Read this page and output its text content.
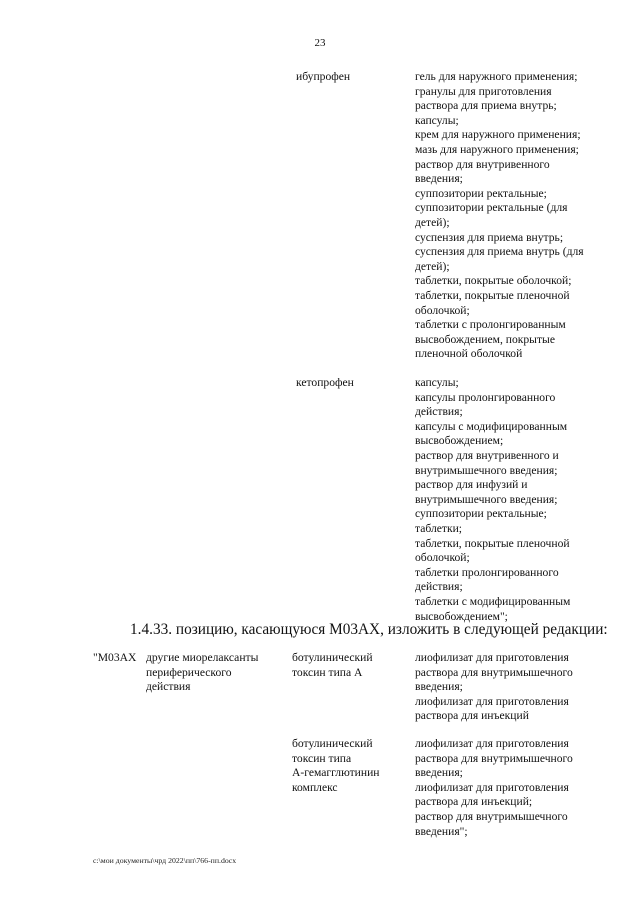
23
ибупрофен	гель для наружного применения;
гранулы для приготовления
раствора для приема внутрь;
капсулы;
крем для наружного применения;
мазь для наружного применения;
раствор для внутривенного
введения;
суппозитории ректальные;
суппозитории ректальные (для
детей);
суспензия для приема внутрь;
суспензия для приема внутрь (для
детей);
таблетки, покрытые оболочкой;
таблетки, покрытые пленочной
оболочкой;
таблетки с пролонгированным
высвобождением, покрытые
пленочной оболочкой
кетопрофен	капсулы;
капсулы пролонгированного
действия;
капсулы с модифицированным
высвобождением;
раствор для внутривенного и
внутримышечного введения;
раствор для инфузий и
внутримышечного введения;
суппозитории ректальные;
таблетки;
таблетки, покрытые пленочной
оболочкой;
таблетки пролонгированного
действия;
таблетки с модифицированным
высвобождением";
1.4.33. позицию, касающуюся М03АХ, изложить в следующей редакции:
"М03АХ другие миорелаксанты
периферического
действия
ботулинический
токсин типа А
лиофилизат для приготовления
раствора для внутримышечного
введения;
лиофилизат для приготовления
раствора для инъекций
ботулинический
токсин типа
А-гемагглютинин
комплекс
лиофилизат для приготовления
раствора для внутримышечного
введения;
лиофилизат для приготовления
раствора для инъекций;
раствор для внутримышечного
введения";
c:\мои документы\чрд 2022\пп\766-пп.docx
